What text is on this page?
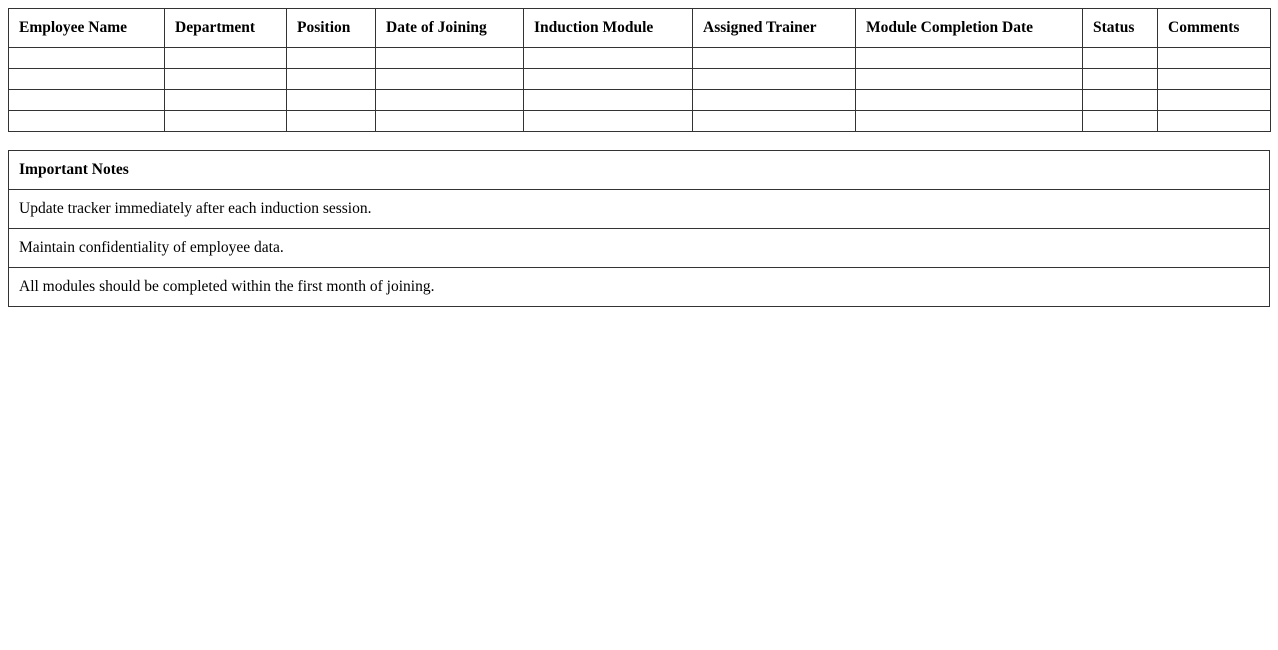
Employee Name	Department	Position	Date of Joining	Induction Module	Assigned Trainer	Module Completion Date	Status	Comments

Important Notes
Update tracker immediately after each induction session.
Maintain confidentiality of employee data.
All modules should be completed within the first month of joining.
